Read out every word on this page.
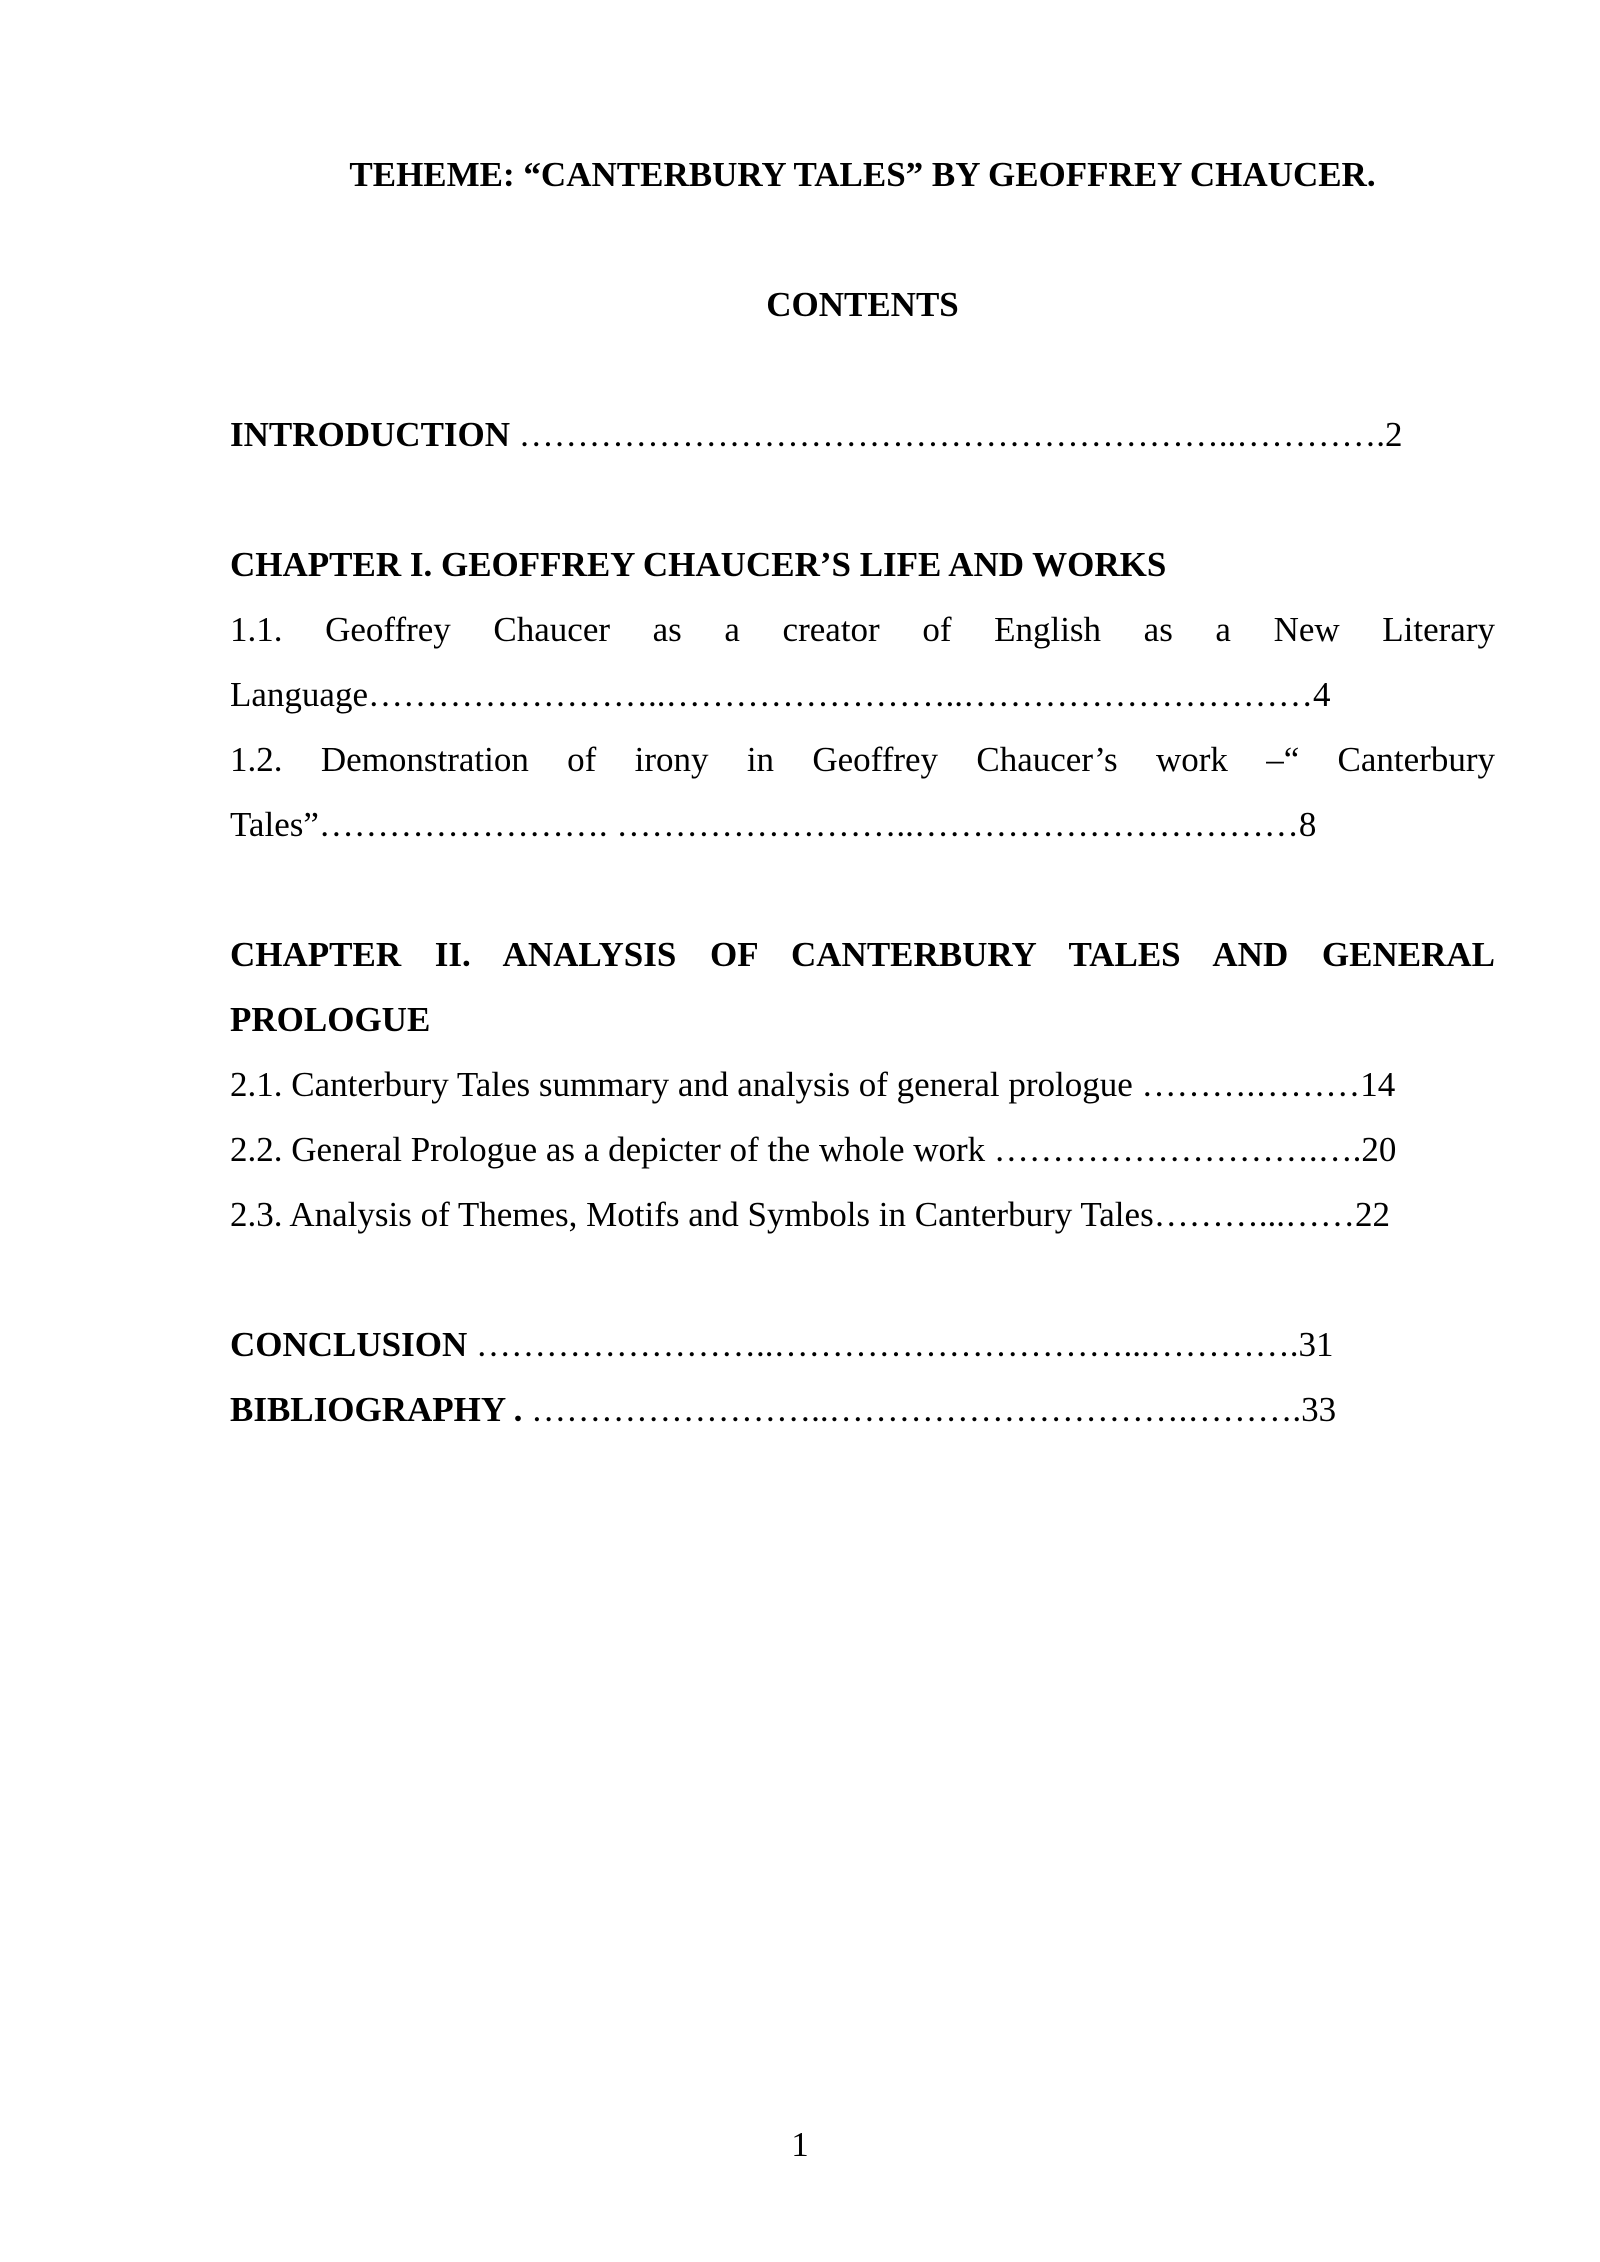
TEHEME: “CANTERBURY TALES” BY GEOFFREY CHAUCER.
CONTENTS
INTRODUCTION ……………………………………………………..………….2
CHAPTER I. GEOFFREY CHAUCER’S LIFE AND WORKS
1.1. Geoffrey Chaucer as a creator of English as a New Literary
Language……………………..……………………..…………………………4
1.2. Demonstration of irony in Geoffrey Chaucer’s work –“ Canterbury
Tales”……………………. ……………………..……………………………8
CHAPTER II. ANALYSIS OF CANTERBURY TALES AND GENERAL
PROLOGUE
2.1. Canterbury Tales summary and analysis of general prologue ……….………14
2.2. General Prologue as a depicter of the whole work ……………………….….20
2.3. Analysis of Themes, Motifs and Symbols in Canterbury Tales………...……22
CONCLUSION ……………………..…………………………...………….31
BIBLIOGRAPHY . ……………………..………………………….……….33
1
